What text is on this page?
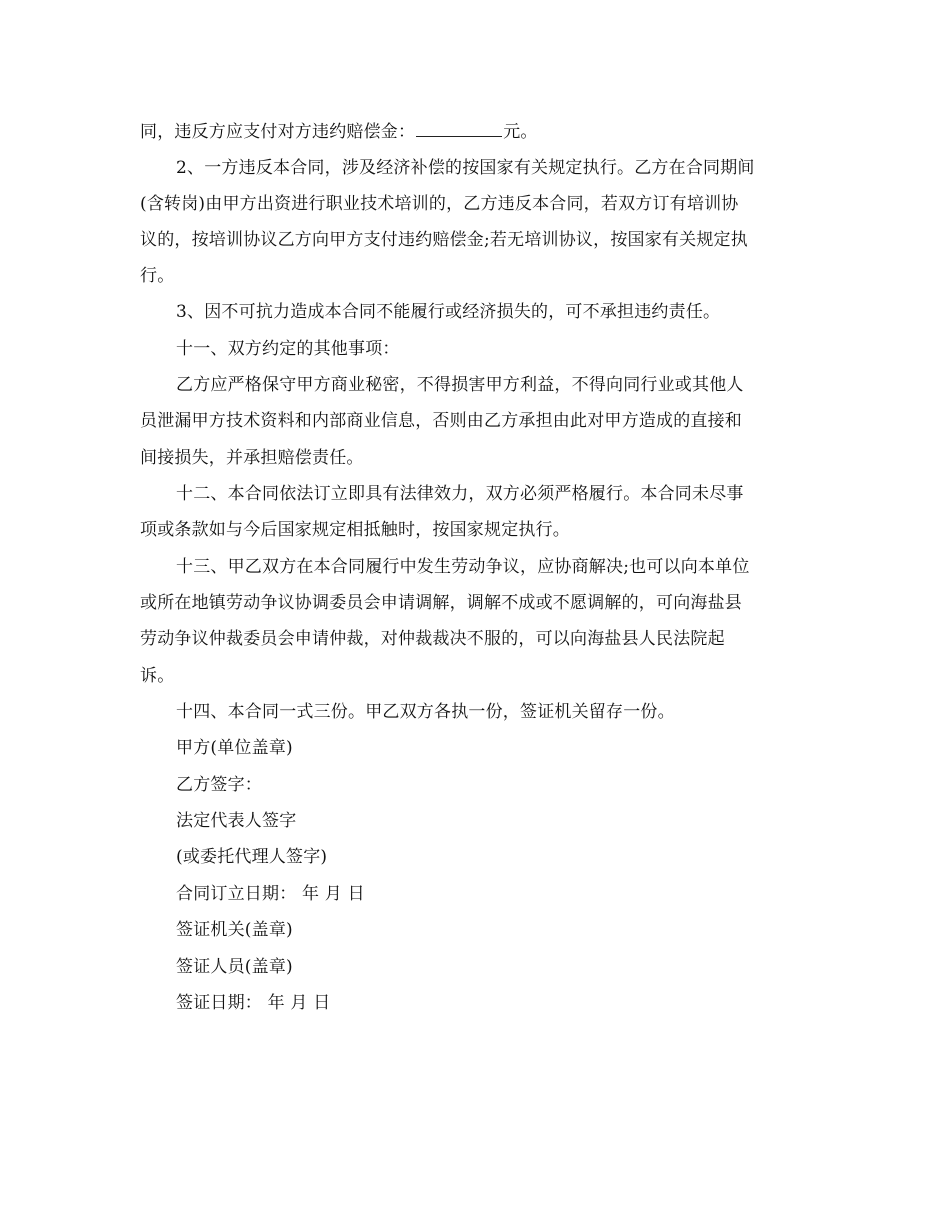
同，违反方应支付对方违约赔偿金：	元。
2、一方违反本合同，涉及经济补偿的按国家有关规定执行。乙方在合同期间
(含转岗)由甲方出资进行职业技术培训的，乙方违反本合同，若双方订有培训协
议的，按培训协议乙方向甲方支付违约赔偿金;若无培训协议，按国家有关规定执
行。
3、因不可抗力造成本合同不能履行或经济损失的，可不承担违约责任。
十一、双方约定的其他事项：
乙方应严格保守甲方商业秘密，不得损害甲方利益，不得向同行业或其他人
员泄漏甲方技术资料和内部商业信息，否则由乙方承担由此对甲方造成的直接和
间接损失，并承担赔偿责任。
十二、本合同依法订立即具有法律效力，双方必须严格履行。本合同未尽事
项或条款如与今后国家规定相抵触时，按国家规定执行。
十三、甲乙双方在本合同履行中发生劳动争议，应协商解决;也可以向本单位
或所在地镇劳动争议协调委员会申请调解，调解不成或不愿调解的，可向海盐县
劳动争议仲裁委员会申请仲裁，对仲裁裁决不服的，可以向海盐县人民法院起
诉。
十四、本合同一式三份。甲乙双方各执一份，签证机关留存一份。
甲方(单位盖章)
乙方签字：
法定代表人签字
(或委托代理人签字)
合同订立日期： 年 月 日
签证机关(盖章)
签证人员(盖章)
签证日期： 年 月 日
